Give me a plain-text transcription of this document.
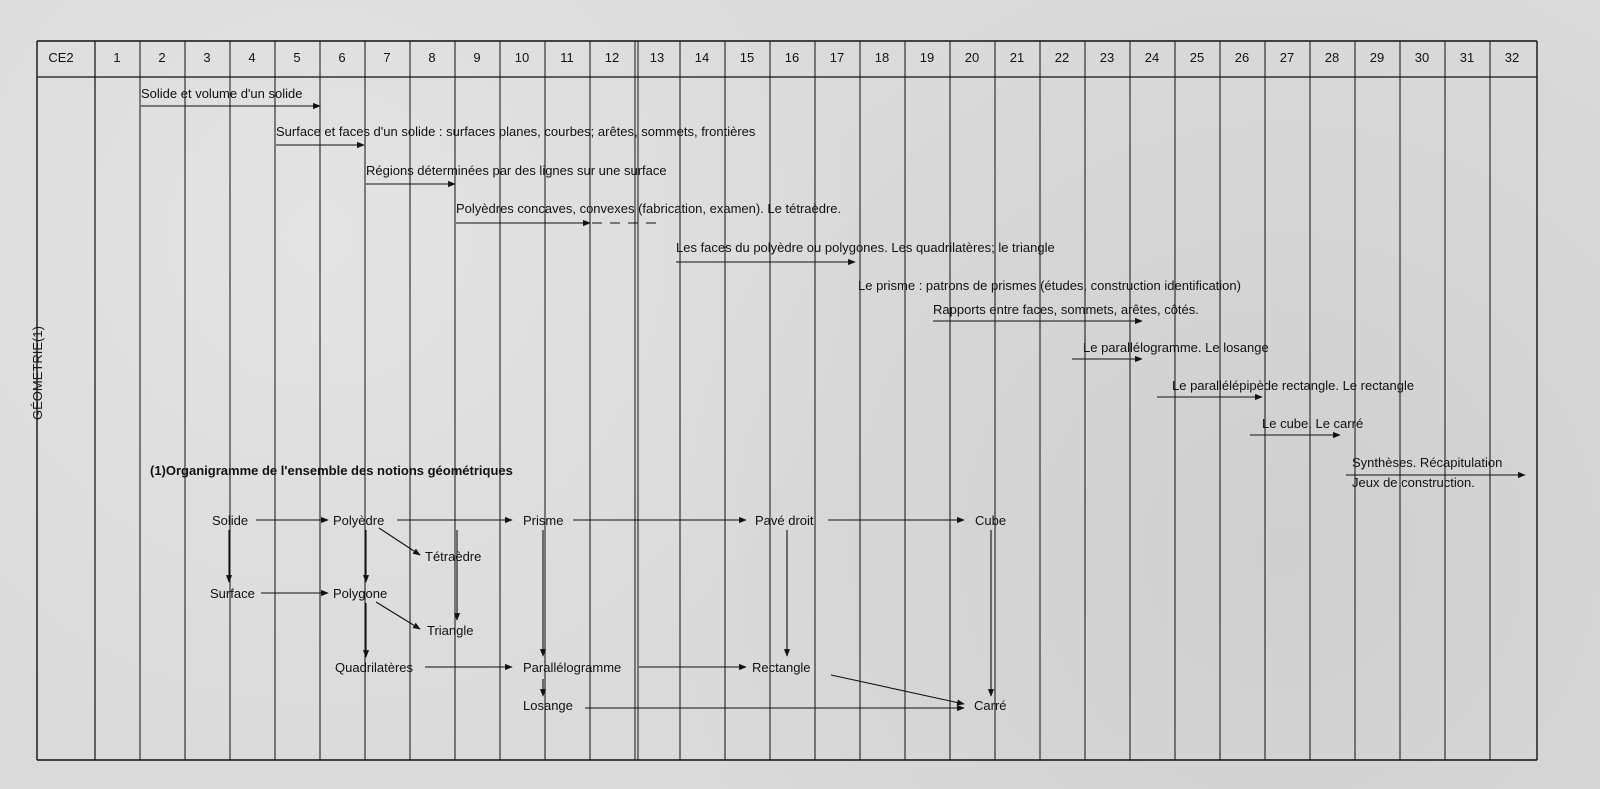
CE2	1	2	3	4	5	6	7	8	9	10	11	12	13	14	15	16	17	18	19	20	21	22	23	24	25	26	27	28	29	30	31	32
GÉOMETRIE(1)
Solide et volume d'un solide
Surface et faces d'un solide : surfaces planes, courbes; arêtes, sommets, frontières
Régions déterminées par des lignes sur une surface
Polyèdres concaves, convexes (fabrication, examen). Le tétraèdre.
Les faces du polyèdre ou polygones. Les quadrilatères; le triangle
Le prisme : patrons de prismes (études, construction identification)
Rapports entre faces, sommets, arêtes, côtés.
Le parallélogramme. Le losange
Le parallélépipède rectangle. Le rectangle
Le cube. Le carré
Synthèses. Récapitulation
Jeux de construction.
(1)Organigramme de l'ensemble des notions géométriques
Solide	Polyèdre	Prisme	Pavé droit	Cube
Tétraèdre
Surface	Polygone
Triangle
Quadrilatères	Parallélogramme	Rectangle
Losange	Carré
